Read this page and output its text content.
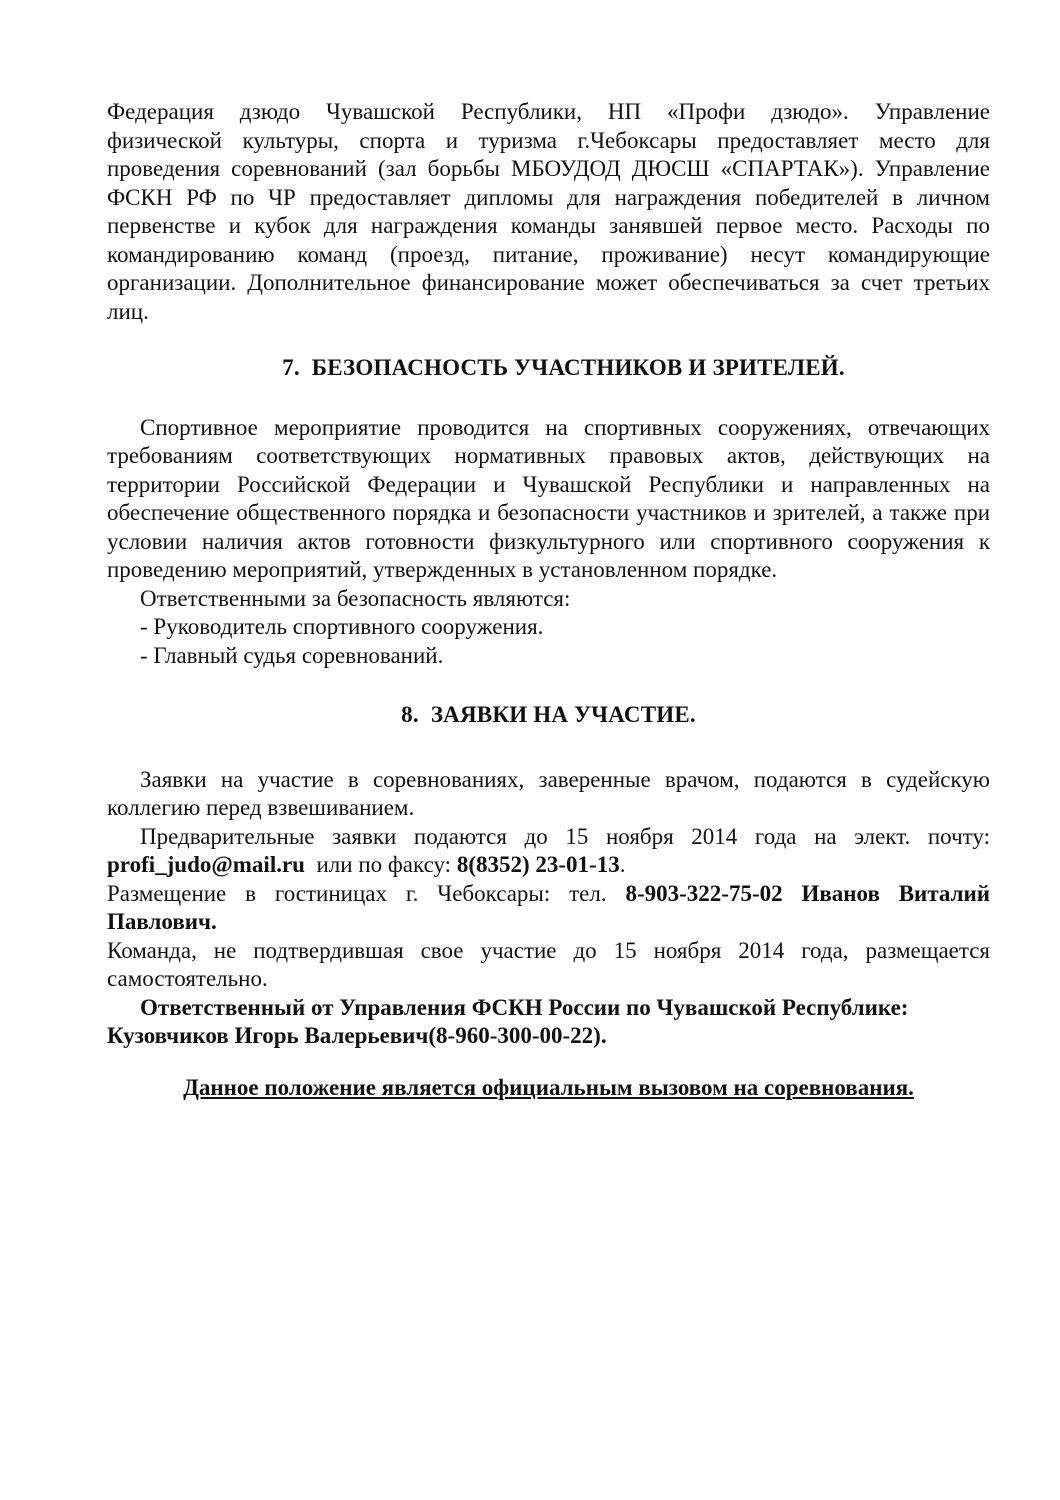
Федерация дзюдо Чувашской Республики, НП «Профи дзюдо». Управление

физической культуры, спорта и туризма г.Чебоксары предоставляет место для проведения соревнований (зал борьбы МБОУДОД ДЮСШ «СПАРТАК»). Управление ФСКН РФ по ЧР предоставляет дипломы для награждения победителей в личном первенстве и кубок для награждения команды занявшей первое место. Расходы по командированию команд (проезд, питание, проживание) несут командирующие организации. Дополнительное финансирование может обеспечиваться за счет третьих лиц.

7. БЕЗОПАСНОСТЬ УЧАСТНИКОВ И ЗРИТЕЛЕЙ.

Спортивное мероприятие проводится на спортивных сооружениях, отвечающих требованиям соответствующих нормативных правовых актов, действующих на территории Российской Федерации и Чувашской Республики и направленных на обеспечение общественного порядка и безопасности участников и зрителей, а также при условии наличия актов готовности физкультурного или спортивного сооружения к проведению мероприятий, утвержденных в установленном порядке.

Ответственными за безопасность являются:

- Руководитель спортивного сооружения.

- Главный судья соревнований.

8. ЗАЯВКИ НА УЧАСТИЕ.

Заявки на участие в соревнованиях, заверенные врачом, подаются в судейскую коллегию перед взвешиванием.

Предварительные заявки подаются до 15 ноября 2014 года на элект. почту:

profi_judo@mail.ru или по факсу: 8(8352) 23-01-13.

Размещение в гостиницах г. Чебоксары: тел. 8-903-322-75-02 Иванов Виталий Павлович.

Команда, не подтвердившая свое участие до 15 ноября 2014 года, размещается самостоятельно.

Ответственный от Управления ФСКН России по Чувашской Республике:

Кузовчиков Игорь Валерьевич(8-960-300-00-22).

Данное положение является официальным вызовом на соревнования.
